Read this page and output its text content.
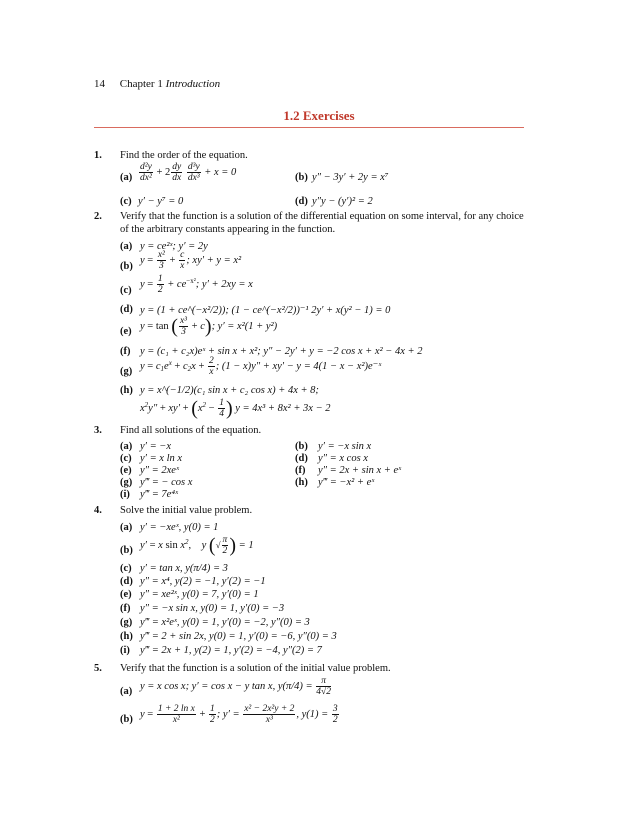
14 Chapter 1 Introduction
1.2 Exercises
1. Find the order of the equation.
$(a) \frac{\text{d²y}}{\text{dx²}} + 2 \frac{dy}{dx}$
$\frac{\text{d³y}}{\text{dx³}} + x = 0$	(b) y″ − 3y′ + 2y = x⁷
(c) y′ − y⁷ = 0	(d) y″y − (y′)² = 2
2. Verify that the function is a solution of the differential equation on some interval, for any choice
of the arbitrary constants appearing in the function.
(a) y = ce²ˣ; y′ = 2y
(b)
$y = \frac{\text{x²}}{3} + \frac{c}{x}$ ; xy′ + y = x²
(c)
$y = \frac{1}{2} + ce^{-x^2}$; y′ + 2xy = x
(d) y = (1 + ce^(−x²/2)); (1 − ce^(−x²/2))⁻¹ 2y′ + x(y² − 1) = 0
(e) y = tan ( $\frac{\text{x³}}{3} + c$); y′ = x²(1 + y²)
(f) y = (c₁ + c₂x)eˣ + sin x + x²; y″ − 2y′ + y = −2 cos x + x² − 4x + 2
(g) $y = c_1e^x + c_2x + \frac{2}{x}$ ; (1 − x)y″ + xy′ − y = 4(1 − x − x²)e⁻ˣ
(h) y = x^(−1/2)(c₁ sin x + c₂ cos x) + 4x + 8;
$x^2y'' + xy' + (x^2 - \frac{1}{4}$ ) y = 4x³ + 8x² + 3x − 2
3. Find all solutions of the equation.
(a) y′ = −x	(b) y′ = −x sin x
(c) y′ = x ln x	(d) y″ = x cos x
(e) y″ = 2xeˣ	(f) y″ = 2x + sin x + eˣ
(g) y‴ = − cos x	(h) y‴ = −x² + eˣ
(i) y‴ = 7e⁴ˣ
4. Solve the initial value problem.
(a) y′ = −xeˣ, y(0) = 1
(b) y′ = x $\sin x^2$,    y (√ $\frac{\pi}{2}$ ) = 1
(c) y′ = tan x, y(π/4) = 3
(d) y″ = x⁴, y(2) = −1, y′(2) = −1
(e) y″ = xe²ˣ, y(0) = 7, y′(0) = 1
(f) y″ = −x sin x, y(0) = 1, y′(0) = −3
(g) y‴ = x²eˣ, y(0) = 1, y′(0) = −2, y″(0) = 3
(h) y‴ = 2 + sin 2x, y(0) = 1, y′(0) = −6, y″(0) = 3
(i) y‴ = 2x + 1, y(2) = 1, y′(2) = −4, y″(2) = 7
5. Verify that the function is a solution of the initial value problem.
(a) y = x cos x; y′ = cos x − y tan x, $y(\pi/4) = \frac{\pi}{4√2}$
(b) $y = \frac{\text{1 + 2 ln x}}{\text{x²}} + \frac{1}{2}$ ; $y' = \frac{\text{x² − 2x²y + 2}}{\text{x³}}$ , $y(1) = \frac{3}{2}$
